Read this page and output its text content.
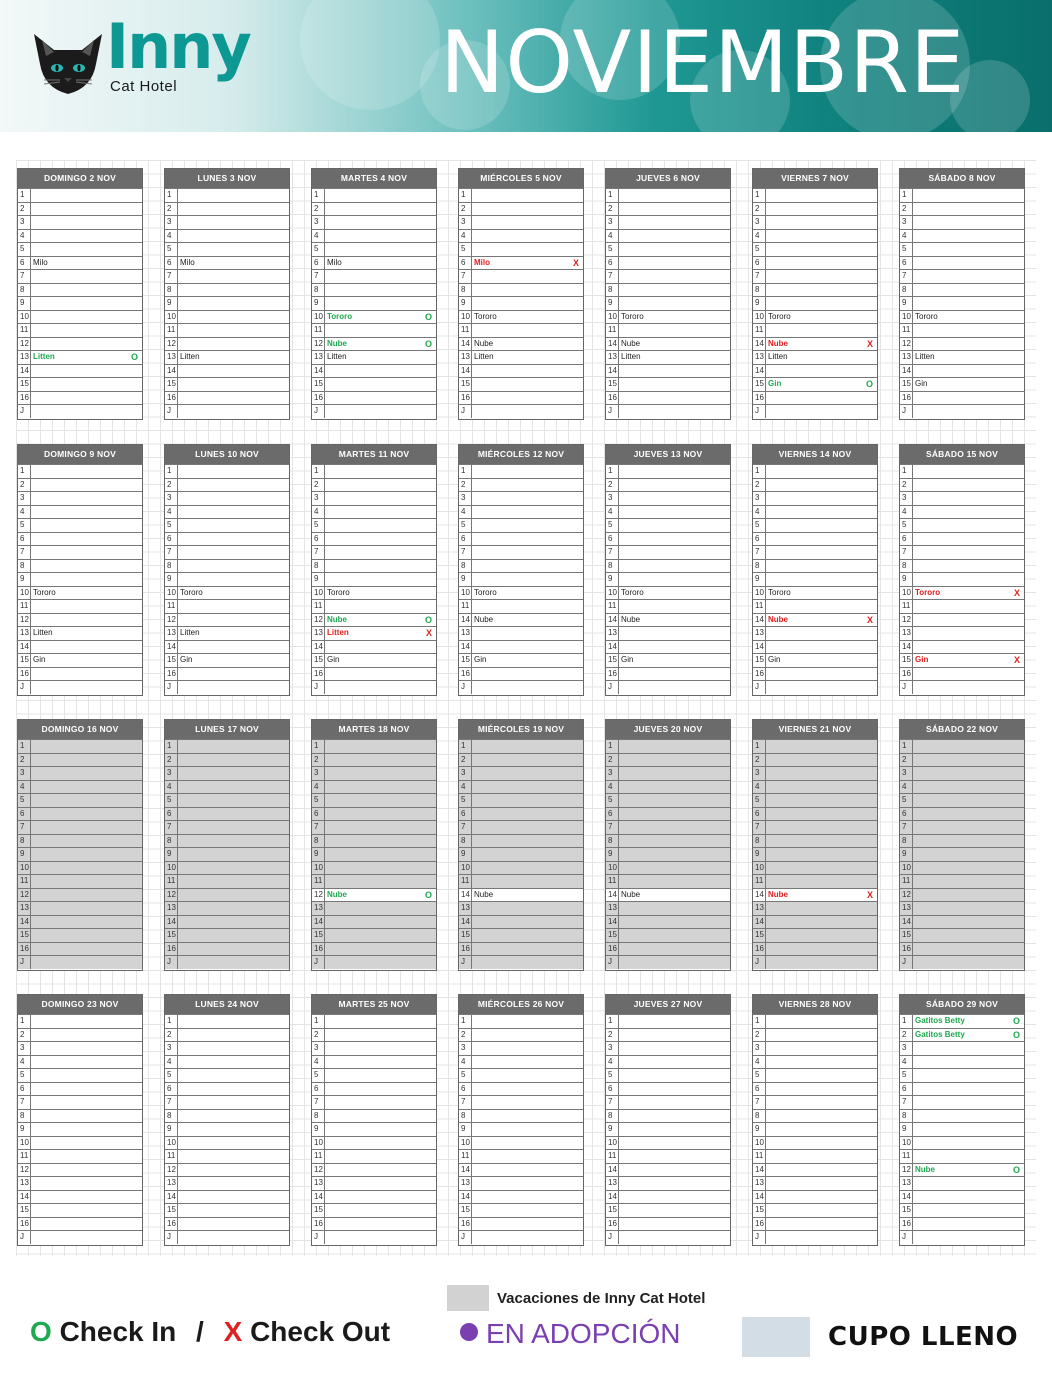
Inny
Cat Hotel	NOVIEMBRE
DOMINGO 2 NOV
1
2
3
4
5
6	Milo
7
8
9
10
11
12
13 Litten	O
14
15
16
J
LUNES 3 NOV
1
2
3
4
5
6	Milo
7
8
9
10
11
12
13 Litten
14
15
16
J
MARTES 4 NOV
1
2
3
4
5
6	Milo
7
8
9
10 Tororo	O
11
12 Nube	O
13 Litten
14
15
16
J
MIÉRCOLES 5 NOV
1
2
3
4
5
6	Milo	X
7
8
9
10 Tororo
11
14 Nube
13 Litten
14
15
16
J
JUEVES 6 NOV
1
2
3
4
5
6
7
8
9
10 Tororo
11
14 Nube
13 Litten
14
15
16
J
VIERNES 7 NOV
1
2
3
4
5
6
7
8
9
10 Tororo
11
14 Nube	X
13 Litten
14
15 Gin	O
16
J
SÁBADO 8 NOV
1
2
3
4
5
6
7
8
9
10 Tororo
11
12
13 Litten
14
15 Gin
16
J
DOMINGO 9 NOV
1
2
3
4
5
6
7
8
9
10 Tororo
11
12
13 Litten
14
15 Gin
16
J
LUNES 10 NOV
1
2
3
4
5
6
7
8
9
10 Tororo
11
12
13 Litten
14
15 Gin
16
J
MARTES 11 NOV
1
2
3
4
5
6
7
8
9
10 Tororo
11
12 Nube	O
13 Litten	X
14
15 Gin
16
J
MIÉRCOLES 12 NOV
1
2
3
4
5
6
7
8
9
10 Tororo
11
14 Nube
13
14
15 Gin
16
J
JUEVES 13 NOV
1
2
3
4
5
6
7
8
9
10 Tororo
11
14 Nube
13
14
15 Gin
16
J
VIERNES 14 NOV
1
2
3
4
5
6
7
8
9
10 Tororo
11
14 Nube	X
13
14
15 Gin
16
J
SÁBADO 15 NOV
1
2
3
4
5
6
7
8
9
10 Tororo	X
11
12
13
14
15 Gin	X
16
J
DOMINGO 16 NOV
1
2
3
4
5
6
7
8
9
10
11
12
13
14
15
16
J
LUNES 17 NOV
1
2
3
4
5
6
7
8
9
10
11
12
13
14
15
16
J
MARTES 18 NOV
1
2
3
4
5
6
7
8
9
10
11
12 Nube	O
13
14
15
16
J
MIÉRCOLES 19 NOV
1
2
3
4
5
6
7
8
9
10
11
14 Nube
13
14
15
16
J
JUEVES 20 NOV
1
2
3
4
5
6
7
8
9
10
11
14 Nube
13
14
15
16
J
VIERNES 21 NOV
1
2
3
4
5
6
7
8
9
10
11
14 Nube	X
13
14
15
16
J
SÁBADO 22 NOV
1
2
3
4
5
6
7
8
9
10
11
12
13
14
15
16
J
DOMINGO 23 NOV
1
2
3
4
5
6
7
8
9
10
11
12
13
14
15
16
J
LUNES 24 NOV
1
2
3
4
5
6
7
8
9
10
11
12
13
14
15
16
J
MARTES 25 NOV
1
2
3
4
5
6
7
8
9
10
11
12
13
14
15
16
J
MIÉRCOLES 26 NOV
1
2
3
4
5
6
7
8
9
10
11
14
13
14
15
16
J
JUEVES 27 NOV
1
2
3
4
5
6
7
8
9
10
11
14
13
14
15
16
J
VIERNES 28 NOV
1
2
3
4
5
6
7
8
9
10
11
14
13
14
15
16
J
SÁBADO 29 NOV
1	Gatitos Betty	O
2	Gatitos Betty	O
3
4
5
6
7
8
9
10
11
12 Nube	O
13
14
15
16
J
Vacaciones de Inny Cat Hotel
O Check In / X Check Out	EN ADOPCIÓN	CUPO LLENO
